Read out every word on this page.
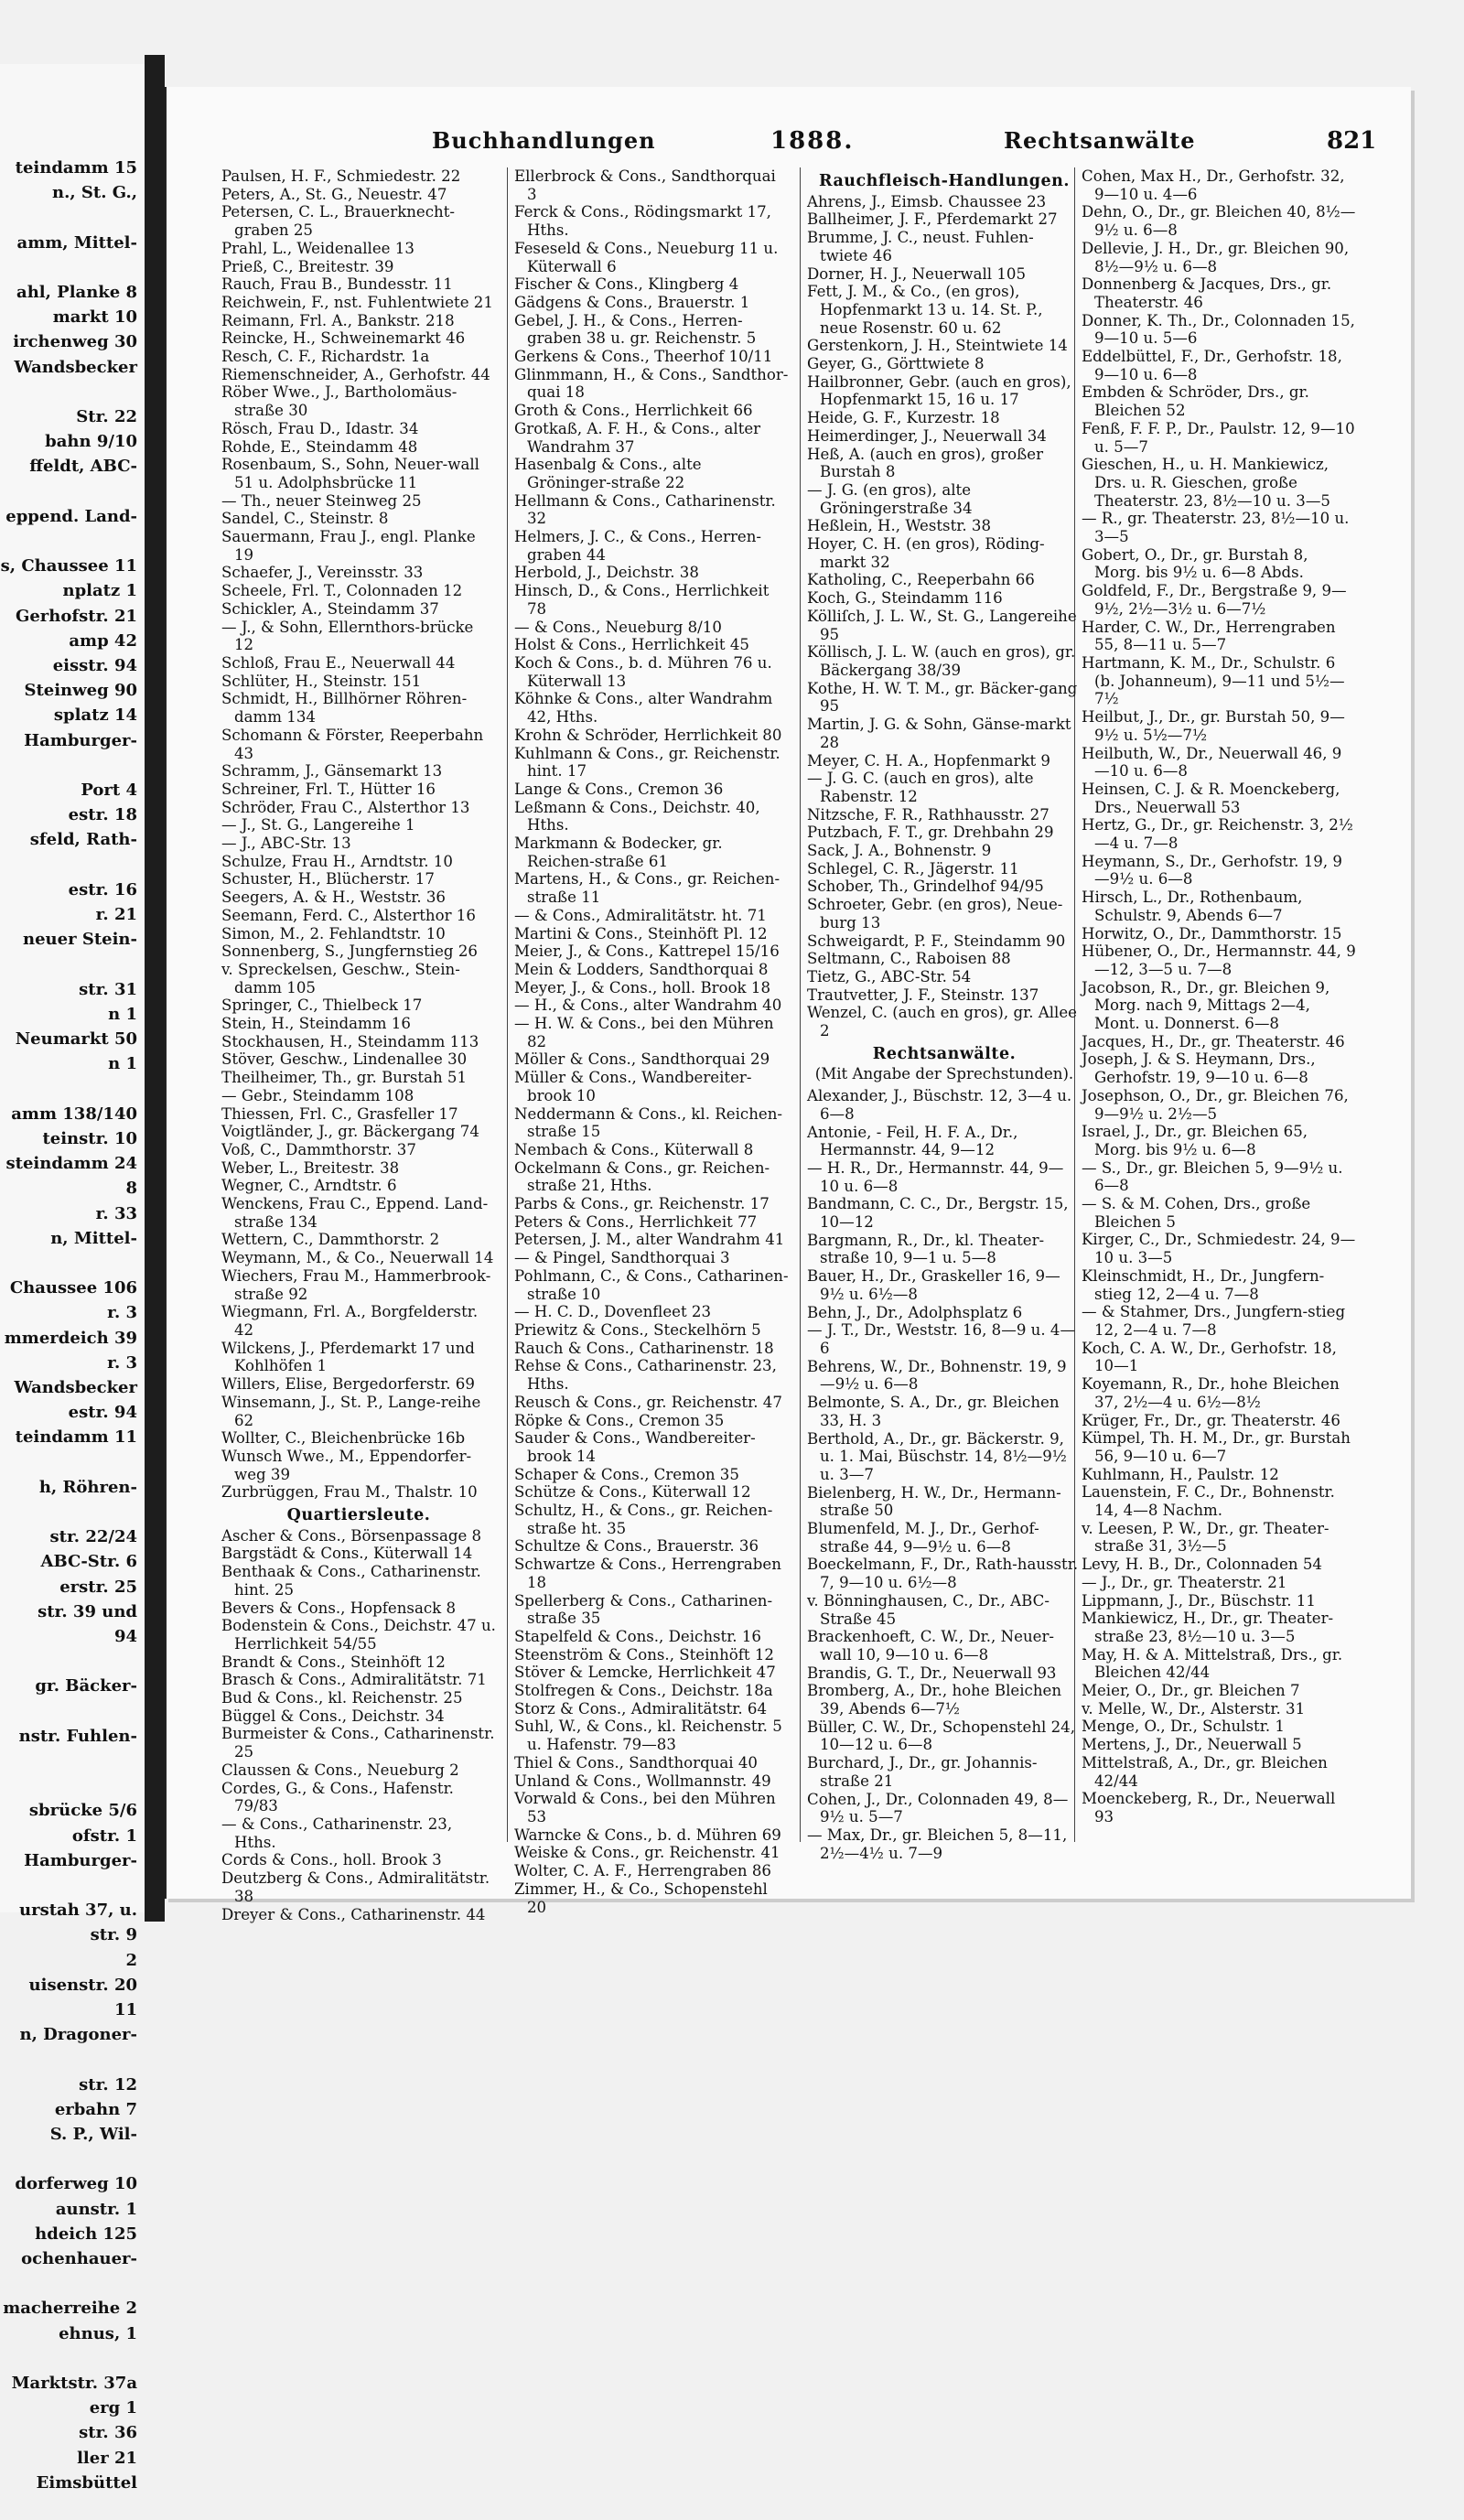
teindamm 15
n., St. G.,

amm, Mittel-

ahl, Planke 8
markt 10
irchenweg 30
Wandsbecker

Str. 22
bahn 9/10
ffeldt, ABC-

eppend. Land-

s, Chaussee 11
nplatz 1
Gerhofstr. 21
amp 42
eisstr. 94
Steinweg 90
splatz 14
Hamburger-

Port 4
estr. 18
sfeld, Rath-

estr. 16
r. 21
neuer Stein-

str. 31
n 1
Neumarkt 50
n 1

amm 138/140
teinstr. 10
steindamm 24
8
r. 33
n, Mittel-

Chaussee 106
r. 3
mmerdeich 39
r. 3
Wandsbecker
estr. 94
teindamm 11

h, Röhren-

str. 22/24
ABC-Str. 6
erstr. 25
str. 39 und
94

gr. Bäcker-

nstr. Fuhlen-

sbrücke 5/6
ofstr. 1
Hamburger-

urstah 37, u.
str. 9
2
uisenstr. 20
11
n, Dragoner-

str. 12
erbahn 7
S. P., Wil-

dorferweg 10
aunstr. 1
hdeich 125
ochenhauer-

macherreihe 2
ehnus, 1

Marktstr. 37a
erg 1
str. 36
ller 21
Eimsbüttel

Buchhandlungen	1888.	Rechtsanwälte	821
Paulsen, H. F., Schmiedestr. 22
Peters, A., St. G., Neuestr. 47
Petersen, C. L., Brauerknecht-graben 25
Prahl, L., Weidenallee 13
Prieß, C., Breitestr. 39
Rauch, Frau B., Bundesstr. 11
Reichwein, F., nst. Fuhlentwiete 21
Reimann, Frl. A., Bankstr. 218
Reincke, H., Schweinemarkt 46
Resch, C. F., Richardstr. 1a
Riemenschneider, A., Gerhofstr. 44
Röber Wwe., J., Bartholomäus-straße 30
Rösch, Frau D., Idastr. 34
Rohde, E., Steindamm 48
Rosenbaum, S., Sohn, Neuer-wall 51 u. Adolphsbrücke 11
— Th., neuer Steinweg 25
Sandel, C., Steinstr. 8
Sauermann, Frau J., engl. Planke 19
Schaefer, J., Vereinsstr. 33
Scheele, Frl. T., Colonnaden 12
Schickler, A., Steindamm 37
— J., & Sohn, Ellernthors-brücke 12
Schloß, Frau E., Neuerwall 44
Schlüter, H., Steinstr. 151
Schmidt, H., Billhörner Röhren-damm 134
Schomann & Förster, Reeperbahn 43
Schramm, J., Gänsemarkt 13
Schreiner, Frl. T., Hütter 16
Schröder, Frau C., Alsterthor 13
— J., St. G., Langereihe 1
— J., ABC-Str. 13
Schulze, Frau H., Arndtstr. 10
Schuster, H., Blücherstr. 17
Seegers, A. & H., Weststr. 36
Seemann, Ferd. C., Alsterthor 16
Simon, M., 2. Fehlandtstr. 10
Sonnenberg, S., Jungfernstieg 26
v. Spreckelsen, Geschw., Stein-damm 105
Springer, C., Thielbeck 17
Stein, H., Steindamm 16
Stockhausen, H., Steindamm 113
Stöver, Geschw., Lindenallee 30
Theilheimer, Th., gr. Burstah 51
— Gebr., Steindamm 108
Thiessen, Frl. C., Grasfeller 17
Voigtländer, J., gr. Bäckergang 74
Voß, C., Dammthorstr. 37
Weber, L., Breitestr. 38
Wegner, C., Arndtstr. 6
Wenckens, Frau C., Eppend. Land-straße 134
Wettern, C., Dammthorstr. 2
Weymann, M., & Co., Neuerwall 14
Wiechers, Frau M., Hammerbrook-straße 92
Wiegmann, Frl. A., Borgfelderstr. 42
Wilckens, J., Pferdemarkt 17 und Kohlhöfen 1
Willers, Elise, Bergedorferstr. 69
Winsemann, J., St. P., Lange-reihe 62
Wollter, C., Bleichenbrücke 16b
Wunsch Wwe., M., Eppendorfer-weg 39
Zurbrüggen, Frau M., Thalstr. 10
Quartiersleute.
Ascher & Cons., Börsenpassage 8
Bargstädt & Cons., Küterwall 14
Benthaak & Cons., Catharinenstr. hint. 25
Bevers & Cons., Hopfensack 8
Bodenstein & Cons., Deichstr. 47 u. Herrlichkeit 54/55
Brandt & Cons., Steinhöft 12
Brasch & Cons., Admiralitätstr. 71
Bud & Cons., kl. Reichenstr. 25
Büggel & Cons., Deichstr. 34
Burmeister & Cons., Catharinenstr. 25
Claussen & Cons., Neueburg 2
Cordes, G., & Cons., Hafenstr. 79/83
— & Cons., Catharinenstr. 23, Hths.
Cords & Cons., holl. Brook 3
Deutzberg & Cons., Admiralitätstr. 38
Dreyer & Cons., Catharinenstr. 44
Ellerbrock & Cons., Sandthorquai 3
Ferck & Cons., Rödingsmarkt 17, Hths.
Feseseld & Cons., Neueburg 11 u. Küterwall 6
Fischer & Cons., Klingberg 4
Gädgens & Cons., Brauerstr. 1
Gebel, J. H., & Cons., Herren-graben 38 u. gr. Reichenstr. 5
Gerkens & Cons., Theerhof 10/11
Glinmmann, H., & Cons., Sandthor-quai 18
Groth & Cons., Herrlichkeit 66
Grotkaß, A. F. H., & Cons., alter Wandrahm 37
Hasenbalg & Cons., alte Gröninger-straße 22
Hellmann & Cons., Catharinenstr. 32
Helmers, J. C., & Cons., Herren-graben 44
Herbold, J., Deichstr. 38
Hinsch, D., & Cons., Herrlichkeit 78
— & Cons., Neueburg 8/10
Holst & Cons., Herrlichkeit 45
Koch & Cons., b. d. Mühren 76 u. Küterwall 13
Köhnke & Cons., alter Wandrahm 42, Hths.
Krohn & Schröder, Herrlichkeit 80
Kuhlmann & Cons., gr. Reichenstr. hint. 17
Lange & Cons., Cremon 36
Leßmann & Cons., Deichstr. 40, Hths.
Markmann & Bodecker, gr. Reichen-straße 61
Martens, H., & Cons., gr. Reichen-straße 11
— & Cons., Admiralitätstr. ht. 71
Martini & Cons., Steinhöft Pl. 12
Meier, J., & Cons., Kattrepel 15/16
Mein & Lodders, Sandthorquai 8
Meyer, J., & Cons., holl. Brook 18
— H., & Cons., alter Wandrahm 40
— H. W. & Cons., bei den Mühren 82
Möller & Cons., Sandthorquai 29
Müller & Cons., Wandbereiter-brook 10
Neddermann & Cons., kl. Reichen-straße 15
Nembach & Cons., Küterwall 8
Ockelmann & Cons., gr. Reichen-straße 21, Hths.
Parbs & Cons., gr. Reichenstr. 17
Peters & Cons., Herrlichkeit 77
Petersen, J. M., alter Wandrahm 41
— & Pingel, Sandthorquai 3
Pohlmann, C., & Cons., Catharinen-straße 10
— H. C. D., Dovenfleet 23
Priewitz & Cons., Steckelhörn 5
Rauch & Cons., Catharinenstr. 18
Rehse & Cons., Catharinenstr. 23, Hths.
Reusch & Cons., gr. Reichenstr. 47
Röpke & Cons., Cremon 35
Sauder & Cons., Wandbereiter-brook 14
Schaper & Cons., Cremon 35
Schütze & Cons., Küterwall 12
Schultz, H., & Cons., gr. Reichen-straße ht. 35
Schultze & Cons., Brauerstr. 36
Schwartze & Cons., Herrengraben 18
Spellerberg & Cons., Catharinen-straße 35
Stapelfeld & Cons., Deichstr. 16
Steenström & Cons., Steinhöft 12
Stöver & Lemcke, Herrlichkeit 47
Stolfregen & Cons., Deichstr. 18a
Storz & Cons., Admiralitätstr. 64
Suhl, W., & Cons., kl. Reichenstr. 5 u. Hafenstr. 79—83
Thiel & Cons., Sandthorquai 40
Unland & Cons., Wollmannstr. 49
Vorwald & Cons., bei den Mühren 53
Warncke & Cons., b. d. Mühren 69
Weiske & Cons., gr. Reichenstr. 41
Wolter, C. A. F., Herrengraben 86
Zimmer, H., & Co., Schopenstehl 20
Rauchfleisch-Handlungen.
Ahrens, J., Eimsb. Chaussee 23
Ballheimer, J. F., Pferdemarkt 27
Brumme, J. C., neust. Fuhlen-twiete 46
Dorner, H. J., Neuerwall 105
Fett, J. M., & Co., (en gros), Hopfenmarkt 13 u. 14. St. P., neue Rosenstr. 60 u. 62
Gerstenkorn, J. H., Steintwiete 14
Geyer, G., Görttwiete 8
Hailbronner, Gebr. (auch en gros), Hopfenmarkt 15, 16 u. 17
Heide, G. F., Kurzestr. 18
Heimerdinger, J., Neuerwall 34
Heß, A. (auch en gros), großer Burstah 8
— J. G. (en gros), alte Gröningerstraße 34
Heßlein, H., Weststr. 38
Hoyer, C. H. (en gros), Röding-markt 32
Katholing, C., Reeperbahn 66
Koch, G., Steindamm 116
Kölliſch, J. L. W., St. G., Langereihe 95
Köllisch, J. L. W. (auch en gros), gr. Bäckergang 38/39
Kothe, H. W. T. M., gr. Bäcker-gang 95
Martin, J. G. & Sohn, Gänse-markt 28
Meyer, C. H. A., Hopfenmarkt 9
— J. G. C. (auch en gros), alte Rabenstr. 12
Nitzsche, F. R., Rathhausstr. 27
Putzbach, F. T., gr. Drehbahn 29
Sack, J. A., Bohnenstr. 9
Schlegel, C. R., Jägerstr. 11
Schober, Th., Grindelhof 94/95
Schroeter, Gebr. (en gros), Neue-burg 13
Schweigardt, P. F., Steindamm 90
Seltmann, C., Raboisen 88
Tietz, G., ABC-Str. 54
Trautvetter, J. F., Steinstr. 137
Wenzel, C. (auch en gros), gr. Allee 2
Rechtsanwälte.
(Mit Angabe der Sprechstunden).
Alexander, J., Büschstr. 12, 3—4 u. 6—8
Antonie, - Feil, H. F. A., Dr., Hermannstr. 44, 9—12
— H. R., Dr., Hermannstr. 44, 9—10 u. 6—8
Bandmann, C. C., Dr., Bergstr. 15, 10—12
Bargmann, R., Dr., kl. Theater-straße 10, 9—1 u. 5—8
Bauer, H., Dr., Graskeller 16, 9—9½ u. 6½—8
Behn, J., Dr., Adolphsplatz 6
— J. T., Dr., Weststr. 16, 8—9 u. 4—6
Behrens, W., Dr., Bohnenstr. 19, 9—9½ u. 6—8
Belmonte, S. A., Dr., gr. Bleichen 33, H. 3
Berthold, A., Dr., gr. Bäckerstr. 9, u. 1. Mai, Büschstr. 14, 8½—9½ u. 3—7
Bielenberg, H. W., Dr., Hermann-straße 50
Blumenfeld, M. J., Dr., Gerhof-straße 44, 9—9½ u. 6—8
Boeckelmann, F., Dr., Rath-hausstr. 7, 9—10 u. 6½—8
v. Bönninghausen, C., Dr., ABC-Straße 45
Brackenhoeft, C. W., Dr., Neuer-wall 10, 9—10 u. 6—8
Brandis, G. T., Dr., Neuerwall 93
Bromberg, A., Dr., hohe Bleichen 39, Abends 6—7½
Büller, C. W., Dr., Schopenstehl 24, 10—12 u. 6—8
Burchard, J., Dr., gr. Johannis-straße 21
Cohen, J., Dr., Colonnaden 49, 8—9½ u. 5—7
— Max, Dr., gr. Bleichen 5, 8—11, 2½—4½ u. 7—9
Cohen, Max H., Dr., Gerhofstr. 32, 9—10 u. 4—6
Dehn, O., Dr., gr. Bleichen 40, 8½—9½ u. 6—8
Dellevie, J. H., Dr., gr. Bleichen 90, 8½—9½ u. 6—8
Donnenberg & Jacques, Drs., gr. Theaterstr. 46
Donner, K. Th., Dr., Colonnaden 15, 9—10 u. 5—6
Eddelbüttel, F., Dr., Gerhofstr. 18, 9—10 u. 6—8
Embden & Schröder, Drs., gr. Bleichen 52
Fenß, F. F. P., Dr., Paulstr. 12, 9—10 u. 5—7
Gieschen, H., u. H. Mankiewicz, Drs. u. R. Gieschen, große Theaterstr. 23, 8½—10 u. 3—5
— R., gr. Theaterstr. 23, 8½—10 u. 3—5
Gobert, O., Dr., gr. Burstah 8, Morg. bis 9½ u. 6—8 Abds.
Goldfeld, F., Dr., Bergstraße 9, 9—9½, 2½—3½ u. 6—7½
Harder, C. W., Dr., Herrengraben 55, 8—11 u. 5—7
Hartmann, K. M., Dr., Schulstr. 6 (b. Johanneum), 9—11 und 5½—7½
Heilbut, J., Dr., gr. Burstah 50, 9—9½ u. 5½—7½
Heilbuth, W., Dr., Neuerwall 46, 9—10 u. 6—8
Heinsen, C. J. & R. Moenckeberg, Drs., Neuerwall 53
Hertz, G., Dr., gr. Reichenstr. 3, 2½—4 u. 7—8
Heymann, S., Dr., Gerhofstr. 19, 9—9½ u. 6—8
Hirsch, L., Dr., Rothenbaum, Schulstr. 9, Abends 6—7
Horwitz, O., Dr., Dammthorstr. 15
Hübener, O., Dr., Hermannstr. 44, 9—12, 3—5 u. 7—8
Jacobson, R., Dr., gr. Bleichen 9, Morg. nach 9, Mittags 2—4, Mont. u. Donnerst. 6—8
Jacques, H., Dr., gr. Theaterstr. 46
Joseph, J. & S. Heymann, Drs., Gerhofstr. 19, 9—10 u. 6—8
Josephson, O., Dr., gr. Bleichen 76, 9—9½ u. 2½—5
Israel, J., Dr., gr. Bleichen 65, Morg. bis 9½ u. 6—8
— S., Dr., gr. Bleichen 5, 9—9½ u. 6—8
— S. & M. Cohen, Drs., große Bleichen 5
Kirger, C., Dr., Schmiedestr. 24, 9—10 u. 3—5
Kleinschmidt, H., Dr., Jungfern-stieg 12, 2—4 u. 7—8
— & Stahmer, Drs., Jungfern-stieg 12, 2—4 u. 7—8
Koch, C. A. W., Dr., Gerhofstr. 18, 10—1
Koyemann, R., Dr., hohe Bleichen 37, 2½—4 u. 6½—8½
Krüger, Fr., Dr., gr. Theaterstr. 46
Kümpel, Th. H. M., Dr., gr. Burstah 56, 9—10 u. 6—7
Kuhlmann, H., Paulstr. 12
Lauenstein, F. C., Dr., Bohnenstr. 14, 4—8 Nachm.
v. Leesen, P. W., Dr., gr. Theater-straße 31, 3½—5
Levy, H. B., Dr., Colonnaden 54
— J., Dr., gr. Theaterstr. 21
Lippmann, J., Dr., Büschstr. 11
Mankiewicz, H., Dr., gr. Theater-straße 23, 8½—10 u. 3—5
May, H. & A. Mittelstraß, Drs., gr. Bleichen 42/44
Meier, O., Dr., gr. Bleichen 7
v. Melle, W., Dr., Alsterstr. 31
Menge, O., Dr., Schulstr. 1
Mertens, J., Dr., Neuerwall 5
Mittelstraß, A., Dr., gr. Bleichen 42/44
Moenckeberg, R., Dr., Neuerwall 93
